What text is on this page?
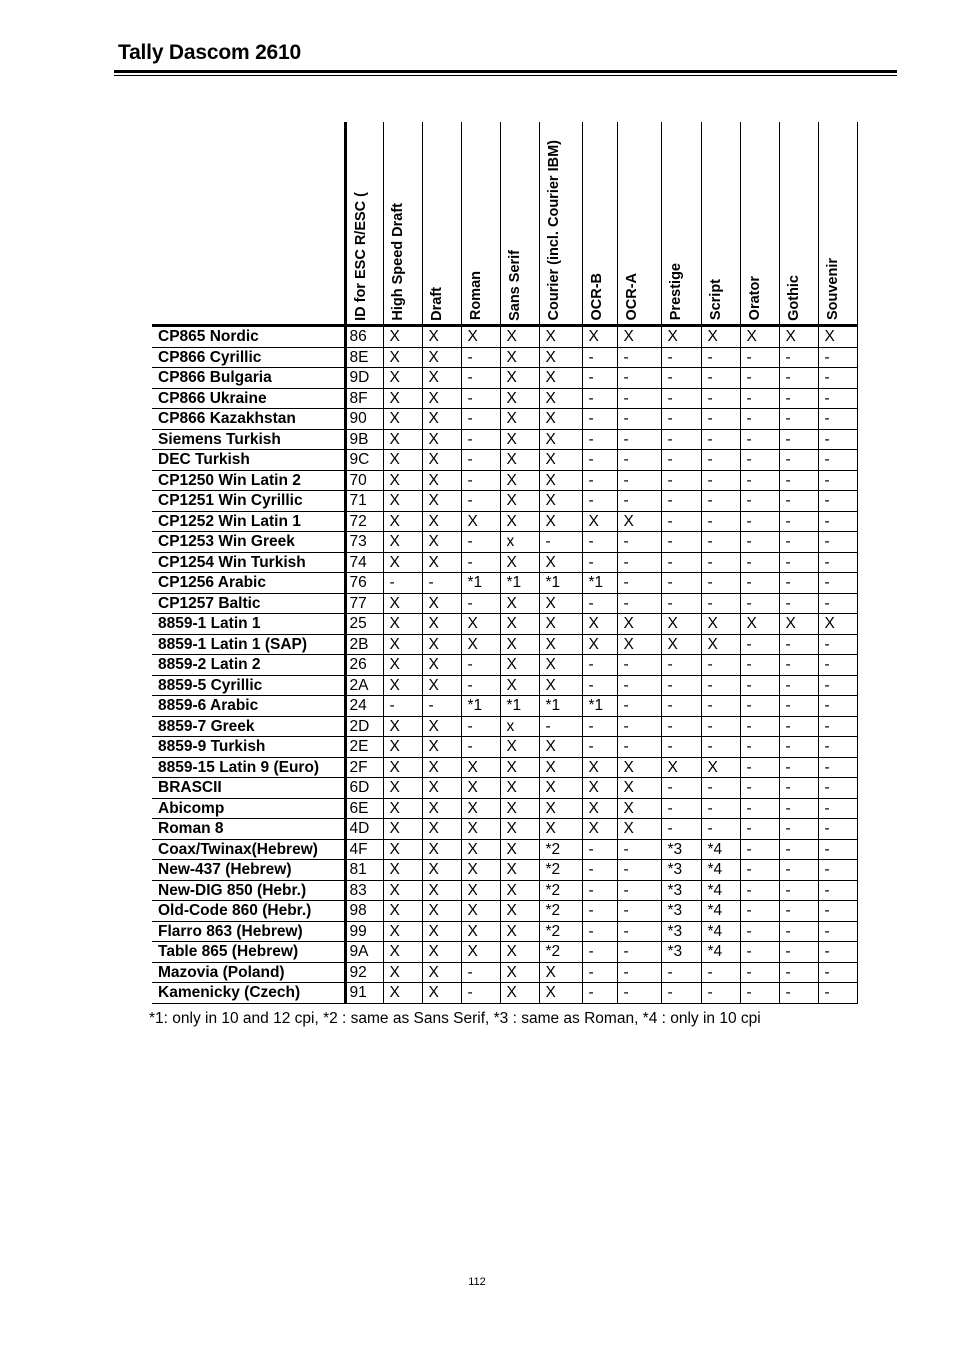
Tally Dascom 2610
	ID for ESC R/ESC (	High Speed Draft	Draft	Roman	Sans Serif	Courier (incl. Courier IBM)	OCR-B	OCR-A	Prestige	Script	Orator	Gothic	Souvenir
CP865 Nordic	86	X	X	X	X	X	X	X	X	X	X	X	X
CP866 Cyrillic	8E	X	X	-	X	X	-	-	-	-	-	-	-
CP866 Bulgaria	9D	X	X	-	X	X	-	-	-	-	-	-	-
CP866 Ukraine	8F	X	X	-	X	X	-	-	-	-	-	-	-
CP866 Kazakhstan	90	X	X	-	X	X	-	-	-	-	-	-	-
Siemens Turkish	9B	X	X	-	X	X	-	-	-	-	-	-	-
DEC Turkish	9C	X	X	-	X	X	-	-	-	-	-	-	-
CP1250 Win Latin 2	70	X	X	-	X	X	-	-	-	-	-	-	-
CP1251 Win Cyrillic	71	X	X	-	X	X	-	-	-	-	-	-	-
CP1252 Win Latin 1	72	X	X	X	X	X	X	X	-	-	-	-	-
CP1253 Win Greek	73	X	X	-	x	-	-	-	-	-	-	-	-
CP1254 Win Turkish	74	X	X	-	X	X	-	-	-	-	-	-	-
CP1256 Arabic	76	-	-	*1	*1	*1	*1	-	-	-	-	-	-
CP1257 Baltic	77	X	X	-	X	X	-	-	-	-	-	-	-
8859-1 Latin 1	25	X	X	X	X	X	X	X	X	X	X	X	X
8859-1 Latin 1 (SAP)	2B	X	X	X	X	X	X	X	X	X	-	-	-
8859-2 Latin 2	26	X	X	-	X	X	-	-	-	-	-	-	-
8859-5 Cyrillic	2A	X	X	-	X	X	-	-	-	-	-	-	-
8859-6 Arabic	24	-	-	*1	*1	*1	*1	-	-	-	-	-	-
8859-7 Greek	2D	X	X	-	x	-	-	-	-	-	-	-	-
8859-9 Turkish	2E	X	X	-	X	X	-	-	-	-	-	-	-
8859-15 Latin 9 (Euro)	2F	X	X	X	X	X	X	X	X	X	-	-	-
BRASCII	6D	X	X	X	X	X	X	X	-	-	-	-	-
Abicomp	6E	X	X	X	X	X	X	X	-	-	-	-	-
Roman 8	4D	X	X	X	X	X	X	X	-	-	-	-	-
Coax/Twinax(Hebrew)	4F	X	X	X	X	*2	-	-	*3	*4	-	-	-
New-437 (Hebrew)	81	X	X	X	X	*2	-	-	*3	*4	-	-	-
New-DIG 850 (Hebr.)	83	X	X	X	X	*2	-	-	*3	*4	-	-	-
Old-Code 860 (Hebr.)	98	X	X	X	X	*2	-	-	*3	*4	-	-	-
Flarro 863 (Hebrew)	99	X	X	X	X	*2	-	-	*3	*4	-	-	-
Table 865 (Hebrew)	9A	X	X	X	X	*2	-	-	*3	*4	-	-	-
Mazovia (Poland)	92	X	X	-	X	X	-	-	-	-	-	-	-
Kamenicky (Czech)	91	X	X	-	X	X	-	-	-	-	-	-	-
*1: only in 10 and 12 cpi, *2 : same as Sans Serif, *3 : same as Roman, *4 : only in 10 cpi
112
